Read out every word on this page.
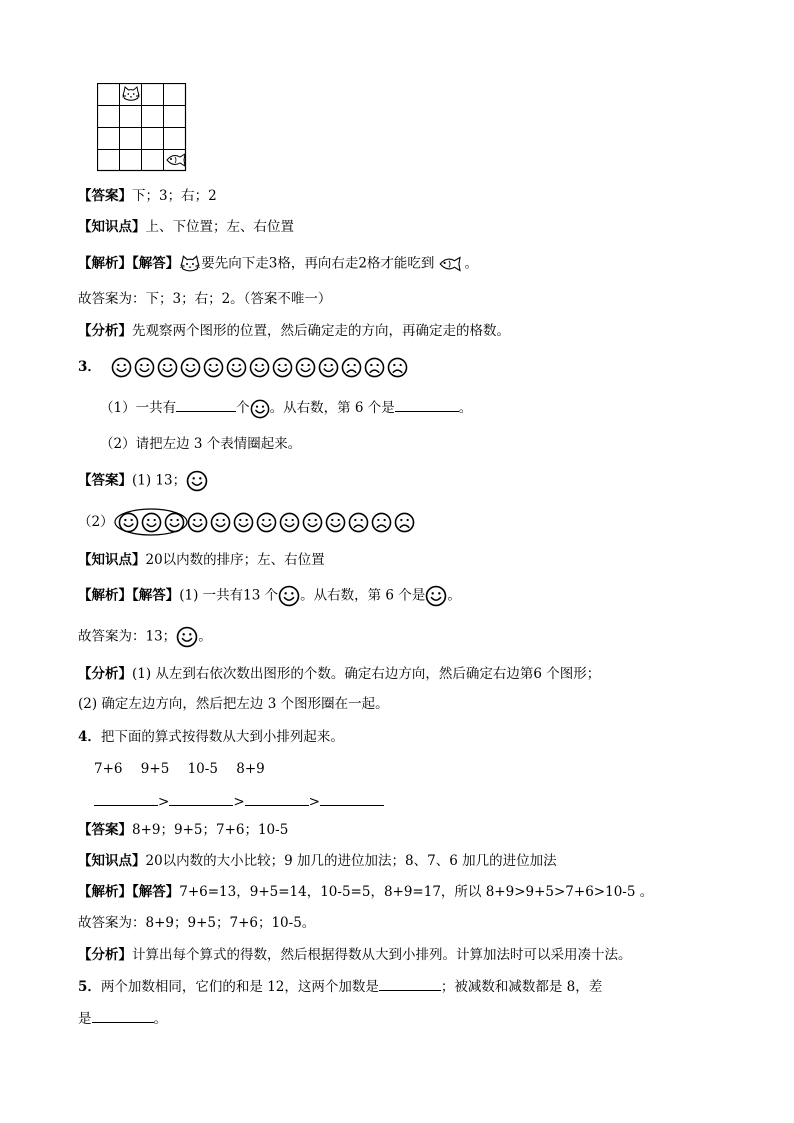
【答案】下；3；右；2
【知识点】上、下位置；左、右位置
【解析】【解答】 要先向下走3格，再向右走2格才能吃到 。
故答案为：下；3；右；2。（答案不唯一）
【分析】先观察两个图形的位置，然后确定走的方向，再确定走的格数。
3．
（1）一共有	个 。从右数，第 6 个是	。
（2）请把左边 3 个表情圈起来。
【答案】(1) 13；
（2）
【知识点】20以内数的排序；左、右位置
【解析】【解答】(1) 一共有13 个 。从右数，第 6 个是 。
故答案为：13； 。
【分析】(1) 从左到右依次数出图形的个数。确定右边方向，然后确定右边第6 个图形；
(2) 确定左边方向，然后把左边 3 个图形圈在一起。
4．把下面的算式按得数从大到小排列起来。
7+6 9+5 10-5 8+9
>	>	>
【答案】8+9；9+5；7+6；10-5
【知识点】20以内数的大小比较；9 加几的进位加法；8、7、6 加几的进位加法
【解析】【解答】7+6=13，9+5=14，10-5=5，8+9=17，所以 8+9>9+5>7+6>10-5 。
故答案为：8+9；9+5；7+6；10-5。
【分析】计算出每个算式的得数，然后根据得数从大到小排列。计算加法时可以采用凑十法。
5．两个加数相同，它们的和是 12，这两个加数是	；被减数和减数都是 8，差
是	。
